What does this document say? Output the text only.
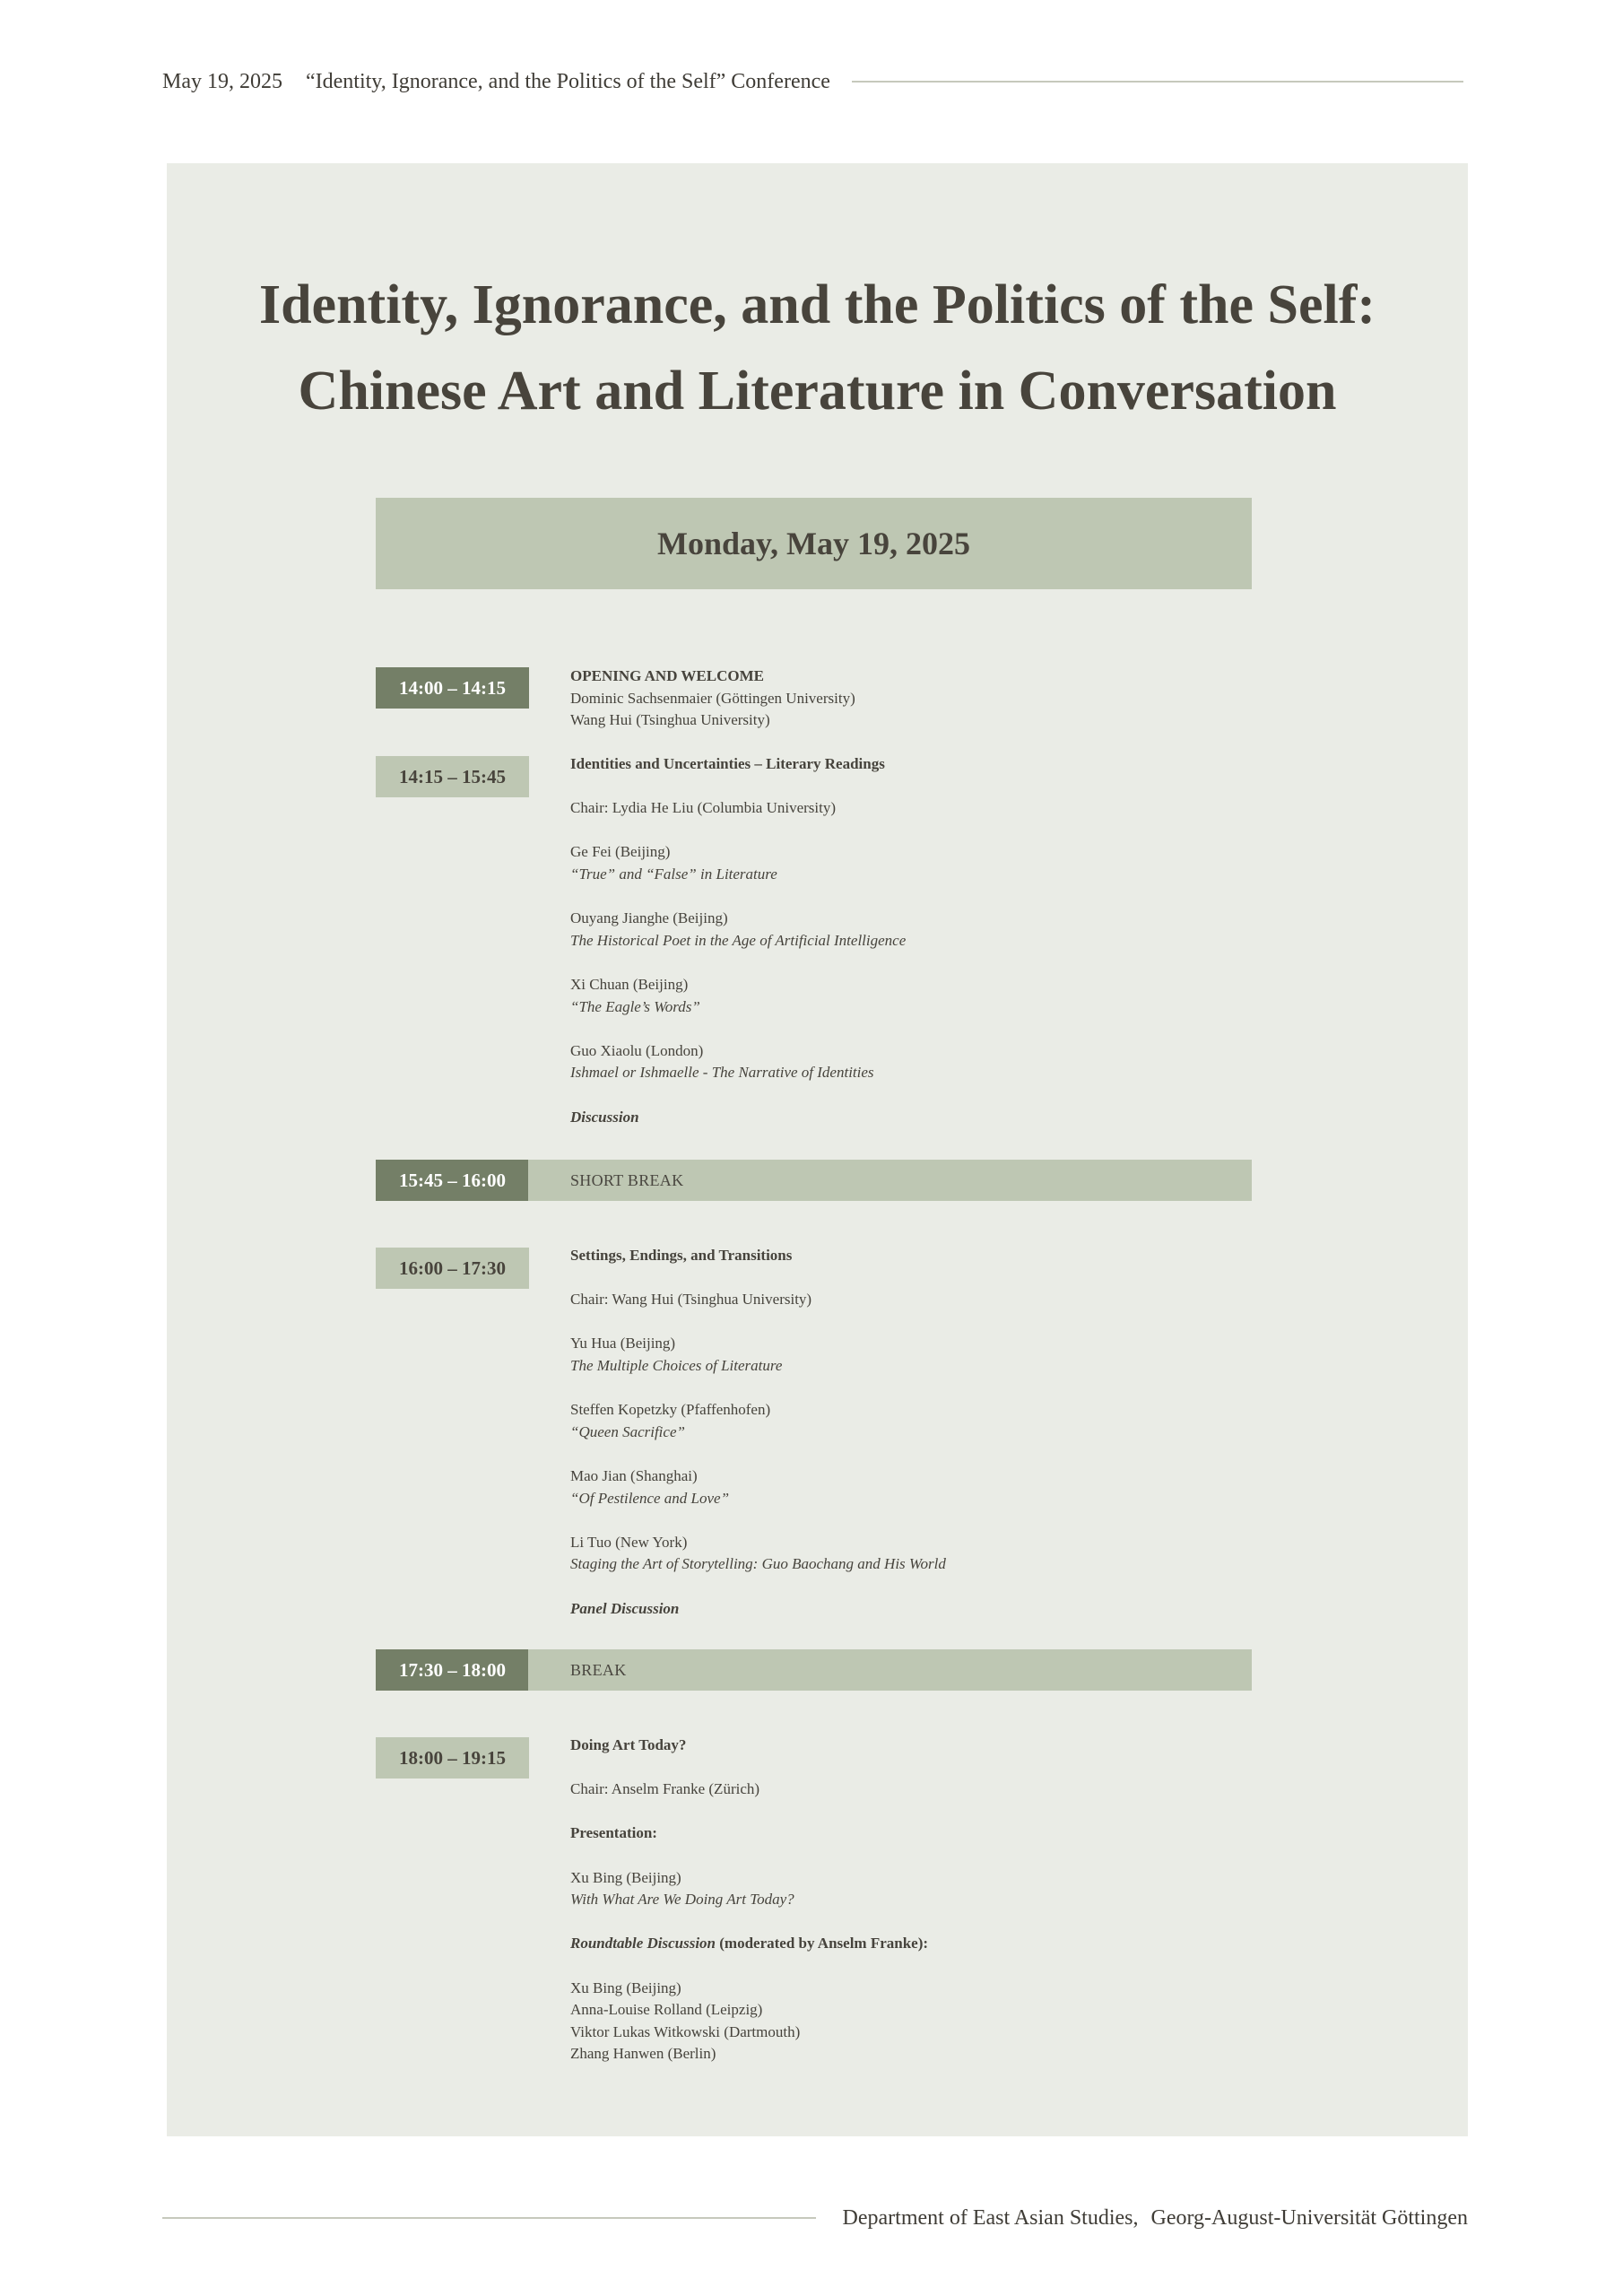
May 19, 2025 “Identity, Ignorance, and the Politics of the Self” Conference
Identity, Ignorance, and the Politics of the Self:
Chinese Art and Literature in Conversation
Monday, May 19, 2025
14:00 – 14:15
OPENING AND WELCOME
Dominic Sachsenmaier (Göttingen University)
Wang Hui (Tsinghua University)
14:15 – 15:45
Identities and Uncertainties – Literary Readings
Chair: Lydia He Liu (Columbia University)
Ge Fei (Beijing)
“True” and “False” in Literature
Ouyang Jianghe (Beijing)
The Historical Poet in the Age of Artificial Intelligence
Xi Chuan (Beijing)
“The Eagle’s Words”
Guo Xiaolu (London)
Ishmael or Ishmaelle - The Narrative of Identities
Discussion
15:45 – 16:00	SHORT BREAK
16:00 – 17:30
Settings, Endings, and Transitions
Chair: Wang Hui (Tsinghua University)
Yu Hua (Beijing)
The Multiple Choices of Literature
Steffen Kopetzky (Pfaffenhofen)
“Queen Sacrifice”
Mao Jian (Shanghai)
“Of Pestilence and Love”
Li Tuo (New York)
Staging the Art of Storytelling: Guo Baochang and His World
Panel Discussion
17:30 – 18:00	BREAK
18:00 – 19:15
Doing Art Today?
Chair: Anselm Franke (Zürich)
Presentation:
Xu Bing (Beijing)
With What Are We Doing Art Today?
Roundtable Discussion (moderated by Anselm Franke):
Xu Bing (Beijing)
Anna-Louise Rolland (Leipzig)
Viktor Lukas Witkowski (Dartmouth)
Zhang Hanwen (Berlin)
Department of East Asian Studies, Georg-August-Universität Göttingen
